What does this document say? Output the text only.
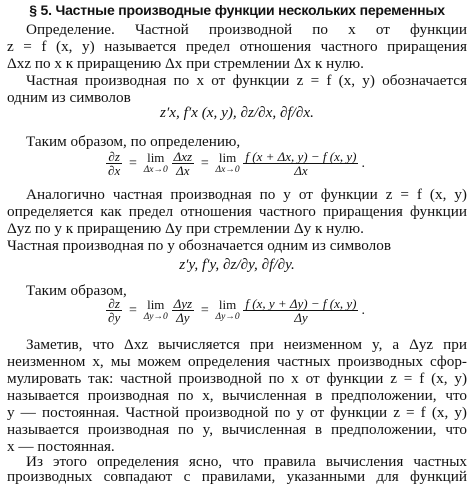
§ 5. Частные производные функции нескольких переменных
Определение. Частной производной по x от функции
z = f (x, y) называется предел отношения частного приращения
Δxz по x к приращению Δx при стремлении Δx к нулю.
Частная производная по x от функции z = f (x, y) обозначается
одним из символов
z′x, f′x (x, y), ∂z/∂x, ∂f/∂x.
Таким образом, по определению,
$\frac{\partial z}{\partial x} = \lim$
Δx→0
$\frac{\text{Δxz}}{\Delta x} = \lim$
Δx→0
$\frac{f (x + \Delta x, y) - f (x, y)}{\Delta x}$ .
Аналогично частная производная по y от функции z = f (x, y)
определяется как предел отношения частного приращения функции
Δyz по y к приращению Δy при стремлении Δy к нулю.
Частная производная по y обозначается одним из символов
z′y, f′y, ∂z/∂y, ∂f/∂y.
Таким образом,
$\frac{\partial z}{\partial y} = \lim$
Δy→0
$\frac{\text{Δyz}}{\Delta y} = \lim$
Δy→0
$\frac{f (x, y + \Delta y) - f (x, y)}{\Delta y}$ .
Заметив, что Δxz вычисляется при неизменном y, а Δyz при
неизменном x, мы можем определения частных производных сфор-
мулировать так: частной производной по x от функции z = f (x, y)
называется производная по x, вычисленная в предположении, что
y — постоянная. Частной производной по y от функции z = f (x, y)
называется производная по y, вычисленная в предположении, что
x — постоянная.
Из этого определения ясно, что правила вычисления частных
производных совпадают с правилами, указанными для функций
